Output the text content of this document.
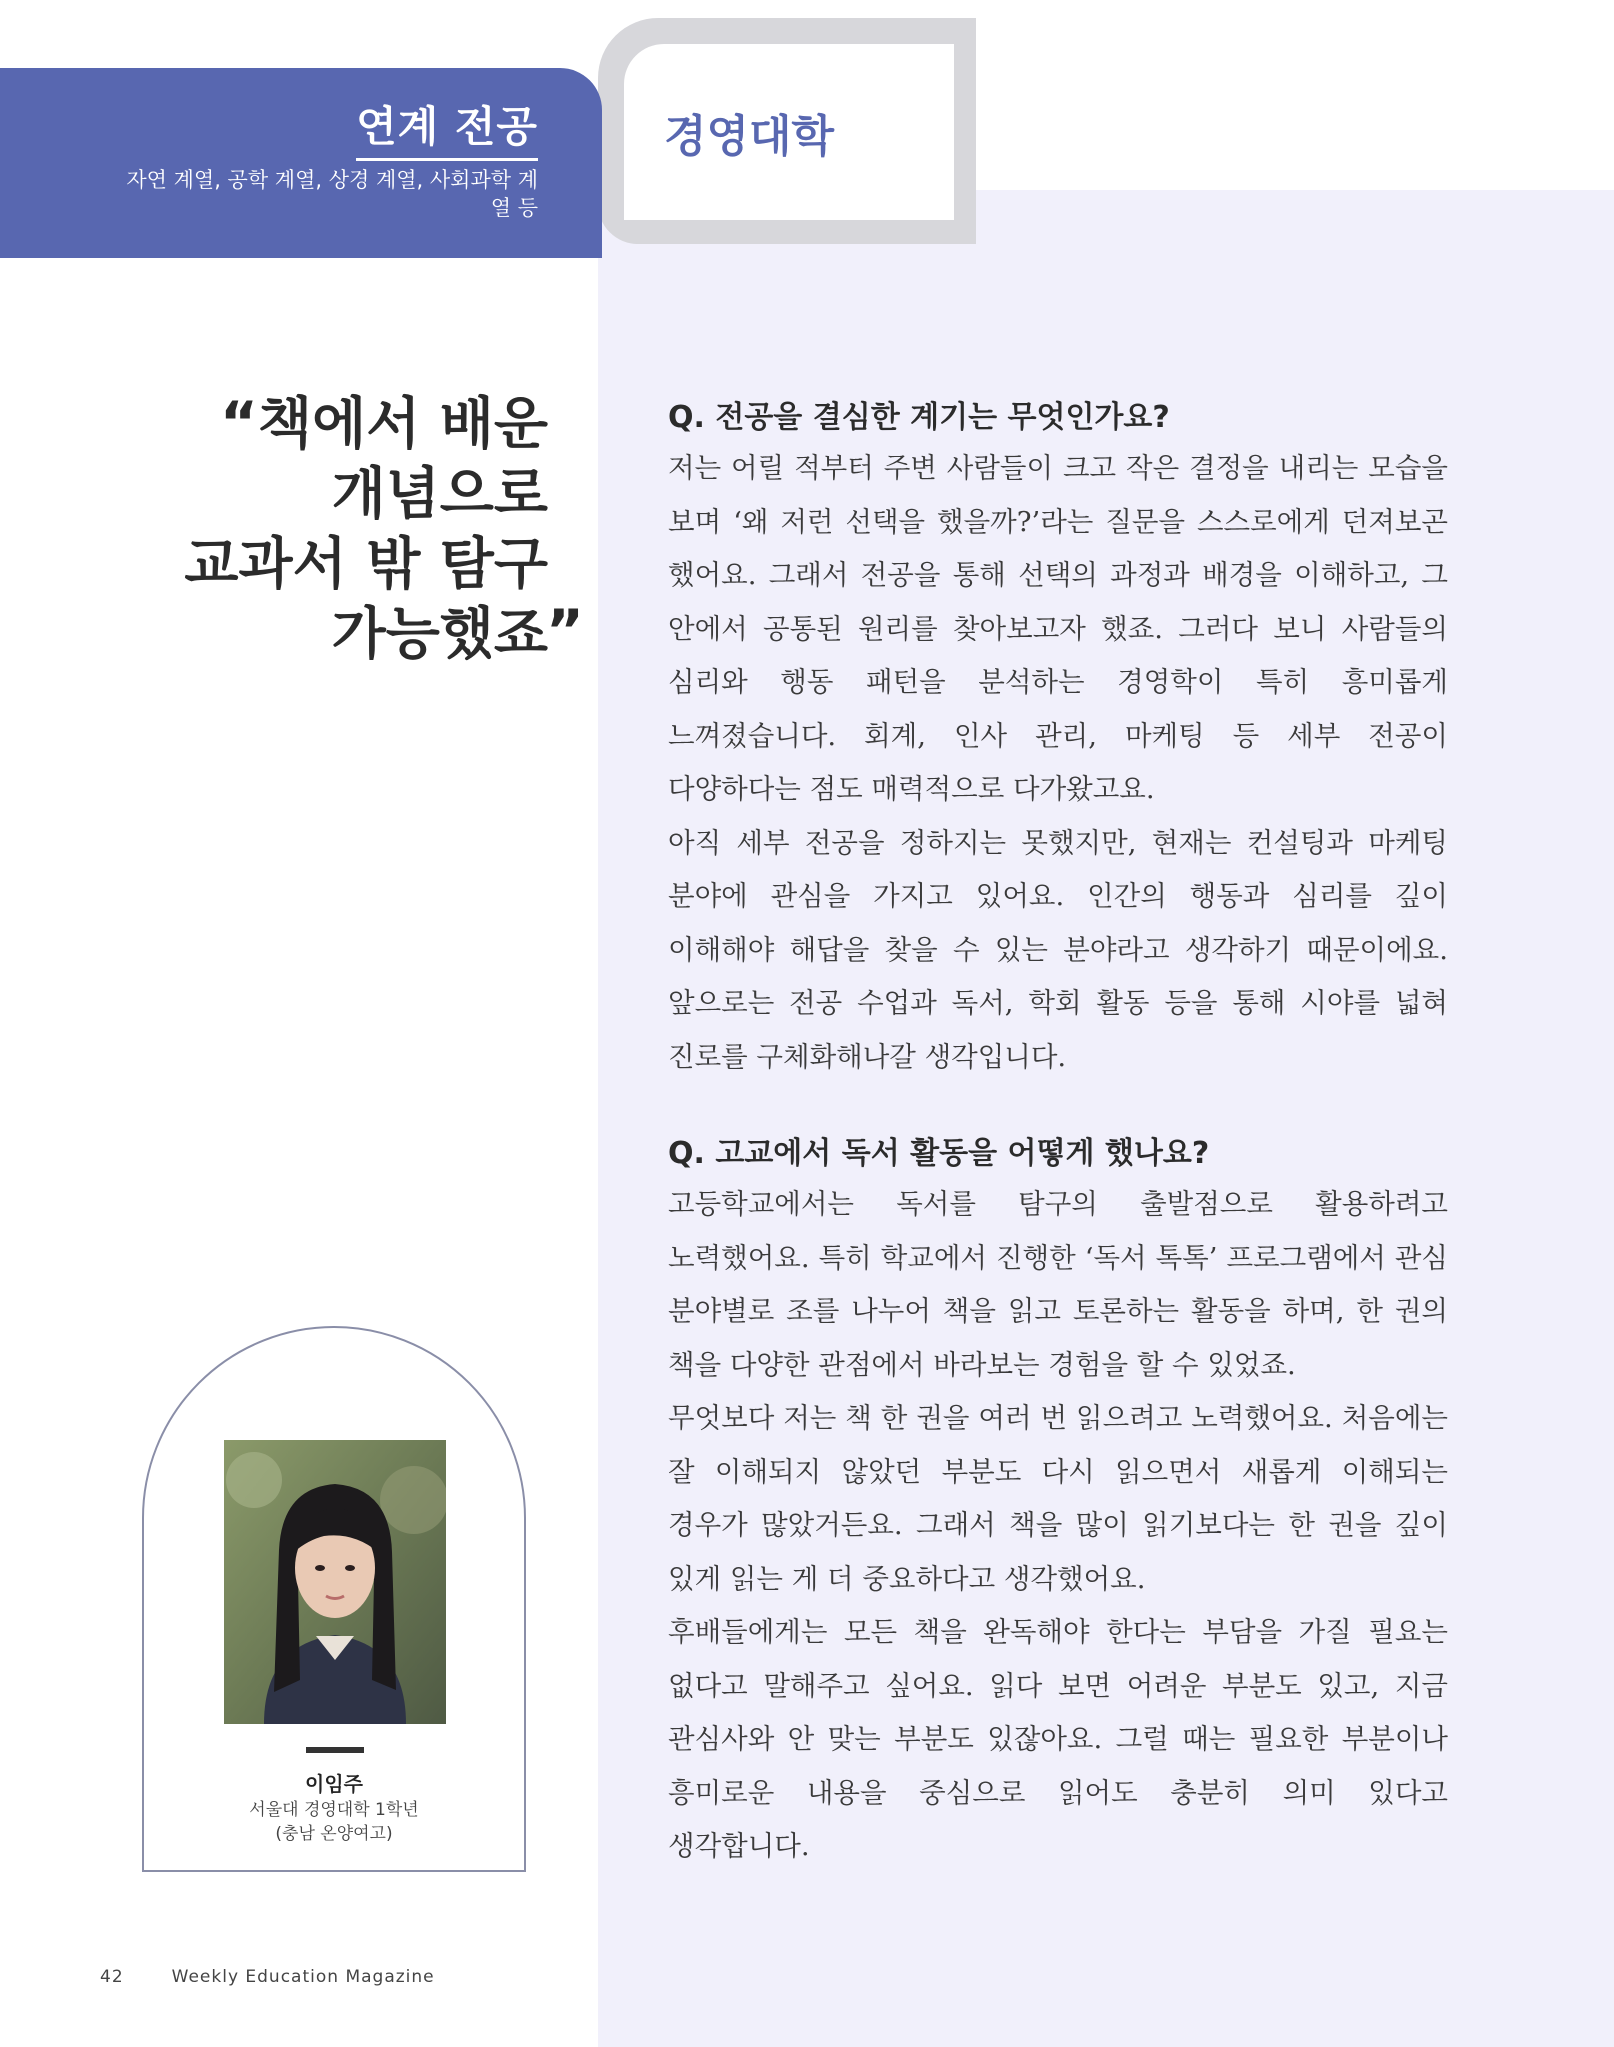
경영대학
연계 전공
자연 계열, 공학 계열, 상경 계열, 사회과학 계열 등
“책에서 배운
개념으로
교과서 밖 탐구
가능했죠
”
이임주
서울대 경영대학 1학년
(충남 온양여고)
Q. 전공을 결심한 계기는 무엇인가요?

저는 어릴 적부터 주변 사람들이 크고 작은 결정을 내리는 모습을 보며 ‘왜 저런 선택을 했을까?’라는 질문을 스스로에게 던져보곤 했어요. 그래서 전공을 통해 선택의 과정과 배경을 이해하고, 그 안에서 공통된 원리를 찾아보고자 했죠. 그러다 보니 사람들의 심리와 행동 패턴을 분석하는 경영학이 특히 흥미롭게 느껴졌습니다. 회계, 인사 관리, 마케팅 등 세부 전공이 다양하다는 점도 매력적으로 다가왔고요.

아직 세부 전공을 정하지는 못했지만, 현재는 컨설팅과 마케팅 분야에 관심을 가지고 있어요. 인간의 행동과 심리를 깊이 이해해야 해답을 찾을 수 있는 분야라고 생각하기 때문이에요. 앞으로는 전공 수업과 독서, 학회 활동 등을 통해 시야를 넓혀 진로를 구체화해나갈 생각입니다.

Q. 고교에서 독서 활동을 어떻게 했나요?

고등학교에서는 독서를 탐구의 출발점으로 활용하려고 노력했어요. 특히 학교에서 진행한 ‘독서 톡톡’ 프로그램에서 관심 분야별로 조를 나누어 책을 읽고 토론하는 활동을 하며, 한 권의 책을 다양한 관점에서 바라보는 경험을 할 수 있었죠.

무엇보다 저는 책 한 권을 여러 번 읽으려고 노력했어요. 처음에는 잘 이해되지 않았던 부분도 다시 읽으면서 새롭게 이해되는 경우가 많았거든요. 그래서 책을 많이 읽기보다는 한 권을 깊이 있게 읽는 게 더 중요하다고 생각했어요.

후배들에게는 모든 책을 완독해야 한다는 부담을 가질 필요는 없다고 말해주고 싶어요. 읽다 보면 어려운 부분도 있고, 지금 관심사와 안 맞는 부분도 있잖아요. 그럴 때는 필요한 부분이나 흥미로운 내용을 중심으로 읽어도 충분히 의미 있다고 생각합니다.

42	Weekly Education Magazine
